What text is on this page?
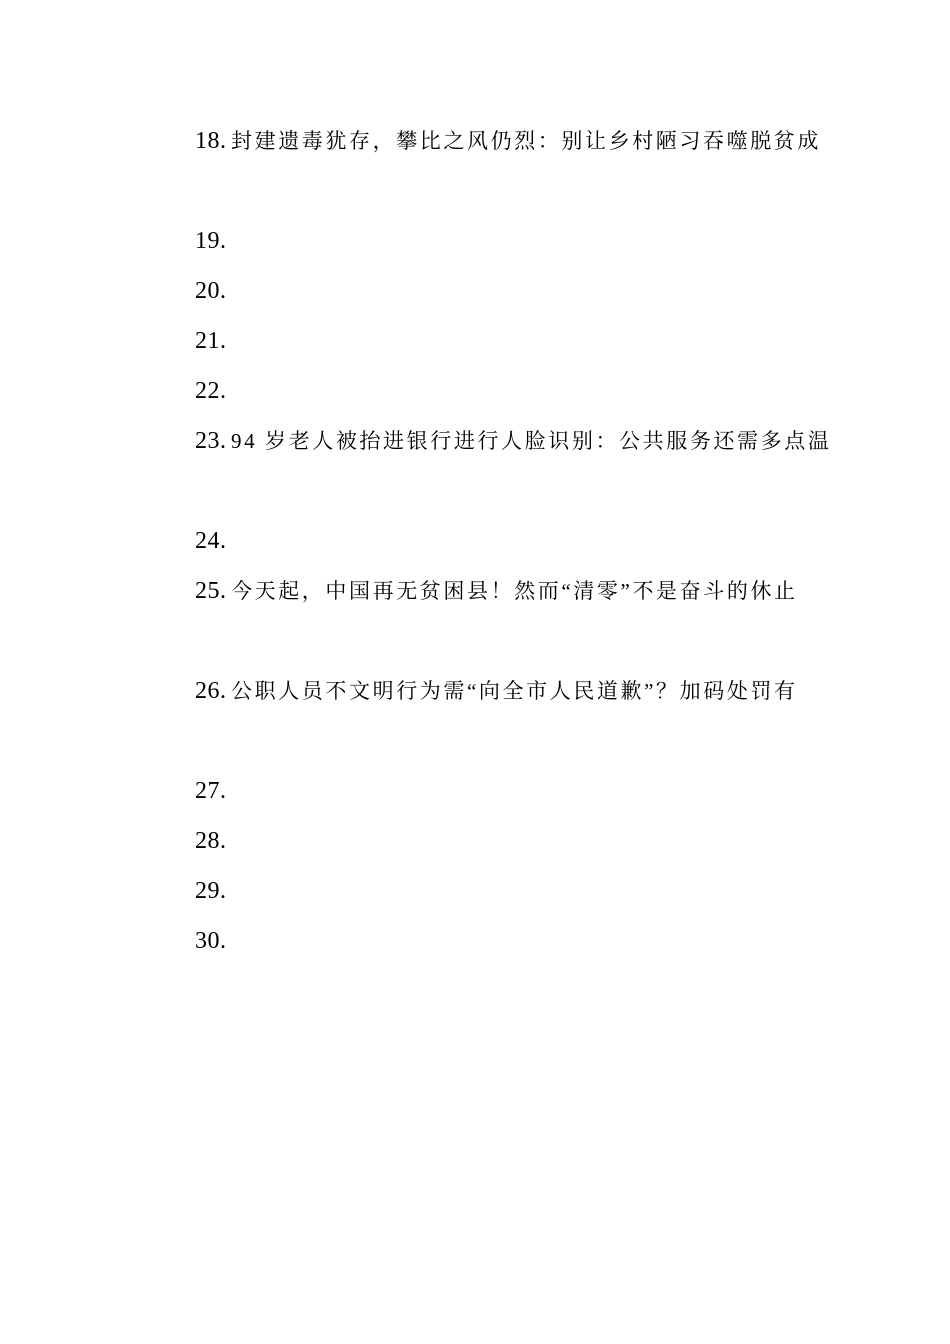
18. 封建遗毒犹存，攀比之风仍烈：别让乡村陋习吞噬脱贫成
19.
20.
21.
22.
23. 94 岁老人被抬进银行进行人脸识别：公共服务还需多点温
24.
25. 今天起，中国再无贫困县！然而“清零”不是奋斗的休止
26. 公职人员不文明行为需“向全市人民道歉”？加码处罚有
27.
28.
29.
30.
